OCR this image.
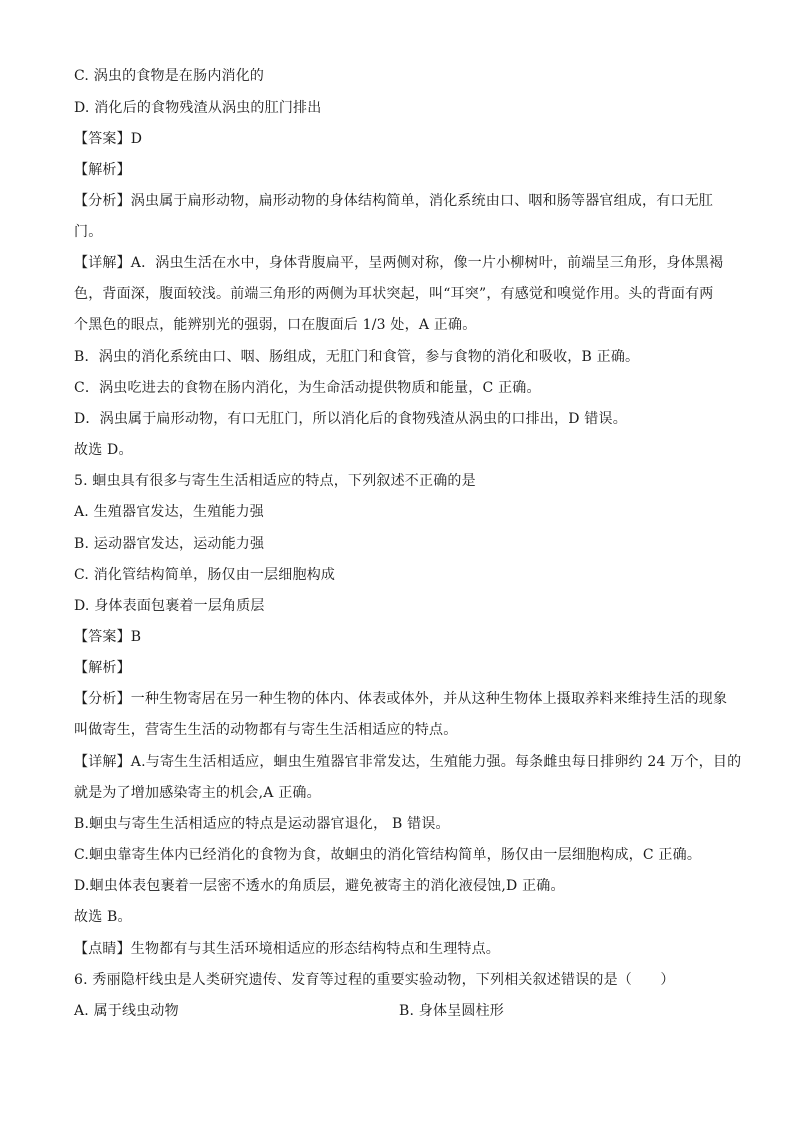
C. 涡虫的食物是在肠内消化的
D. 消化后的食物残渣从涡虫的肛门排出
【答案】D
【解析】
【分析】涡虫属于扁形动物，扁形动物的身体结构简单，消化系统由口、咽和肠等器官组成，有口无肛
门。
【详解】A．涡虫生活在水中，身体背腹扁平，呈两侧对称，像一片小柳树叶，前端呈三角形，身体黑褐
色，背面深，腹面较浅。前端三角形的两侧为耳状突起，叫“耳突”，有感觉和嗅觉作用。头的背面有两
个黑色的眼点，能辨别光的强弱，口在腹面后 1/3 处，A 正确。
B．涡虫的消化系统由口、咽、肠组成，无肛门和食管，参与食物的消化和吸收，B 正确。
C．涡虫吃进去的食物在肠内消化，为生命活动提供物质和能量，C 正确。
D．涡虫属于扁形动物，有口无肛门，所以消化后的食物残渣从涡虫的口排出，D 错误。
故选 D。
5. 蛔虫具有很多与寄生生活相适应的特点，下列叙述不正确的是
A. 生殖器官发达，生殖能力强
B. 运动器官发达，运动能力强
C. 消化管结构简单，肠仅由一层细胞构成
D. 身体表面包裹着一层角质层
【答案】B
【解析】
【分析】一种生物寄居在另一种生物的体内、体表或体外，并从这种生物体上摄取养料来维持生活的现象
叫做寄生，营寄生生活的动物都有与寄生生活相适应的特点。
【详解】A.与寄生生活相适应，蛔虫生殖器官非常发达，生殖能力强。每条雌虫每日排卵约 24 万个，目的
就是为了增加感染寄主的机会,A 正确。
B.蛔虫与寄生生活相适应的特点是运动器官退化， B 错误。
C.蛔虫靠寄生体内已经消化的食物为食，故蛔虫的消化管结构简单，肠仅由一层细胞构成，C 正确。
D.蛔虫体表包裹着一层密不透水的角质层，避免被寄主的消化液侵蚀,D 正确。
故选 B。
【点睛】生物都有与其生活环境相适应的形态结构特点和生理特点。
6. 秀丽隐杆线虫是人类研究遗传、发育等过程的重要实验动物，下列相关叙述错误的是（　　）
A. 属于线虫动物	B. 身体呈圆柱形
